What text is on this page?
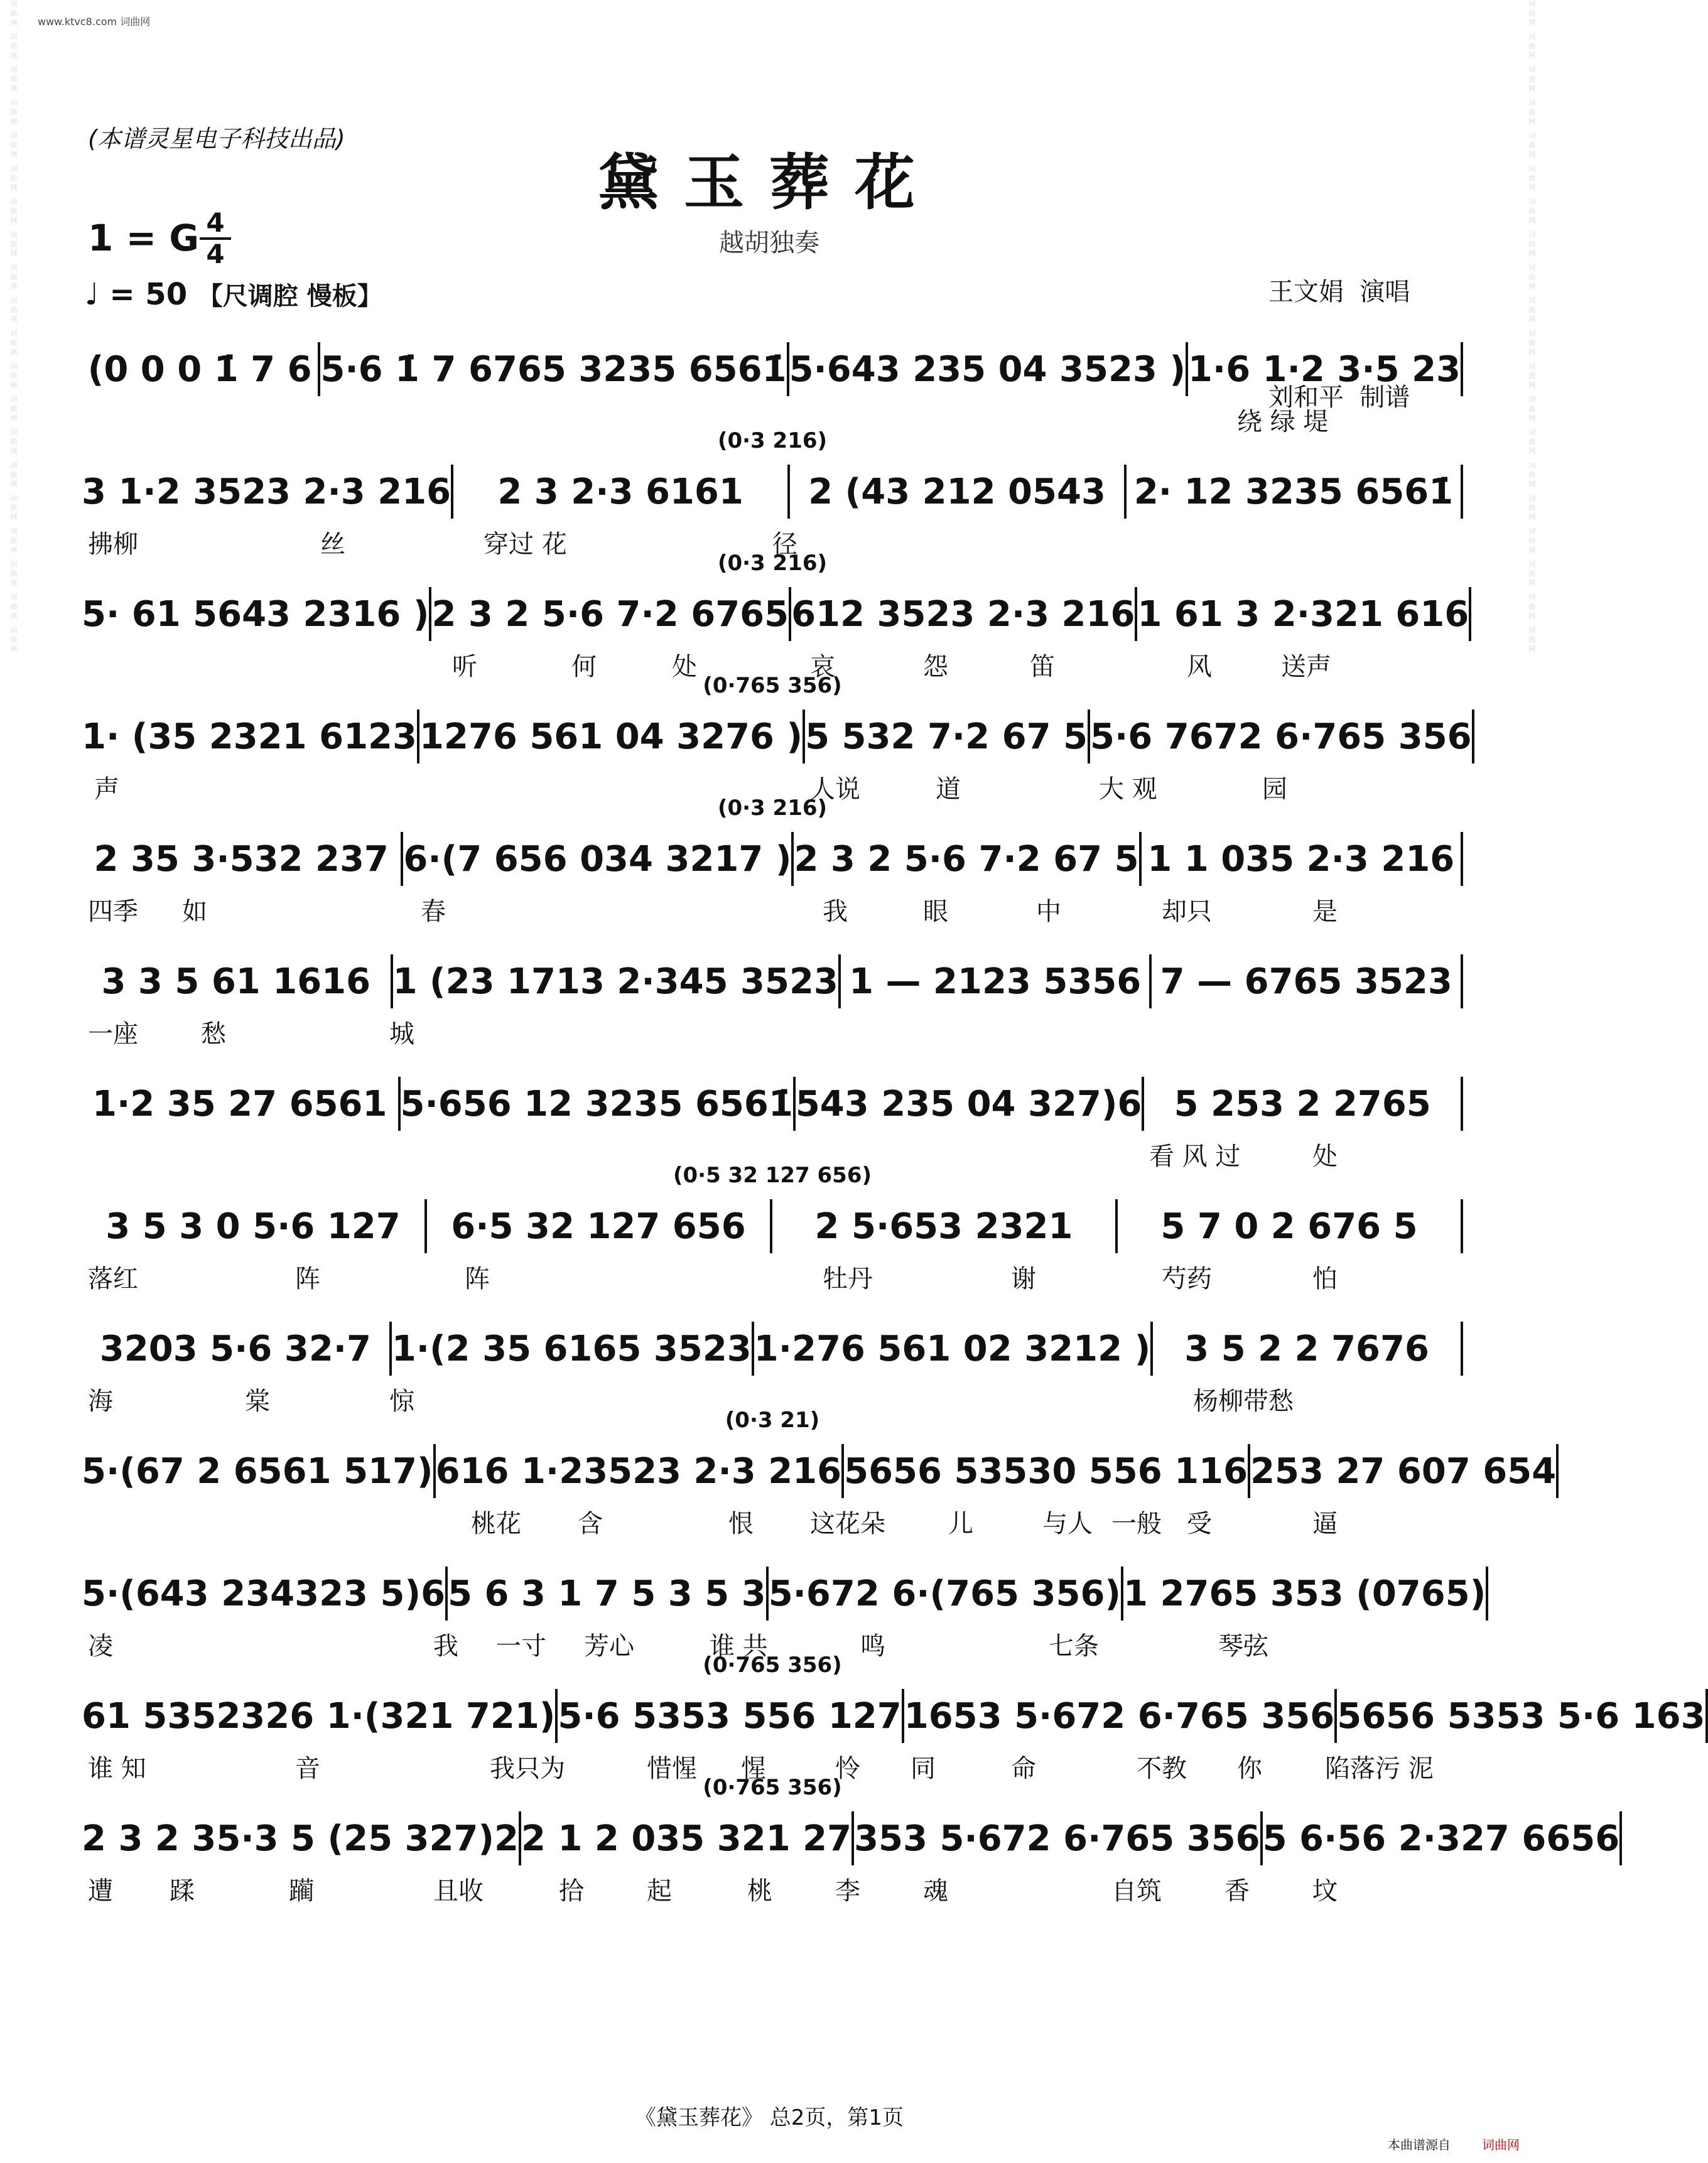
词曲网 词曲网 词曲网 词曲网 词曲网 词曲网 词曲网 词曲网 词曲网 词曲网 词曲网 词曲网 词曲网 词曲网 词曲网 词曲网 词曲网 词曲网 词曲网 词曲网	词曲网 词曲网 词曲网 词曲网 词曲网 词曲网 词曲网 词曲网 词曲网 词曲网 词曲网 词曲网 词曲网 词曲网 词曲网 词曲网 词曲网 词曲网 词曲网 词曲网
www.ktvc8.com 词曲网
(本谱灵星电子科技出品)
黛玉葬花
越胡独奏

王文娟  演唱

刘和平  制谱

1 = G 4
4
♩ = 50 【尺调腔 慢板】
(0 0 0 1̇ 7 6 5·6 1̇ 7 6765 3235 6561̇ 5·643 235 04 3523 ) 1·6 1·2 3·5 23
绕 绿 堤
(0·3 216)
3 1·2 3523 2·3 216	2 3 2·3 6161	2 (43 212 0543 2· 12 3235 6561̇
拂柳	丝	穿过 花	径
(0·3 216)
5· 61 5643 2316 ) 2 3 2 5·6 7·2 6765 612 3523 2·3 216 1 61 3 2·321 616
听	何	处	哀	怨	笛	风	送声
(0·765 356)
1· (35 2321 6123 1276 561 04 3276 ) 5 532 7·2 67 5 5·6 7672 6·765 356
声	人说	道	大 观	园
(0·3 216)
2 35 3·532 237 6·(7 656 034 3217 ) 2 3 2 5·6 7·2 67 5 1 1 035 2·3 216
四季 如	春	我	眼	中	却只	是
3 3 5 61 1616 1 (23 1713 2·345 3523 1 — 2123 5356 7 — 6765 3523
一座	愁	城
1·2 35 27 6561 5·656 12 3235 6561̇ 543 235 04 327)6 5 253 2 2765
看 风 过	处
(0·5 32 127 656)
3 5 3 0 5·6 127	6·5 32 127 656	2 5·653 2321	5 7 0 2 676 5
落红	阵	阵	牡丹	谢	芍药	怕
3203 5·6 32·7 1·(2 35 6165 3523 1·276 561 02 3212 ) 3 5 2 2 7676
海	棠	惊	杨柳带愁
(0·3 21)
5·(67 2 6561 517) 616 1·23523 2·3 216 5656 53530 556 116 253 27 607 654
桃花 含	恨 这花朵	儿	与人 一般 受	逼
5·(643 234323 5)6 5 6 3 1 7 5 3 5 3 5·672 6·(765 356) 1 2765 353 (0765)
凌	我 一寸 芳心	谁 共	鸣	七条	琴弦
(0·765 356)
61 5352326 1·(321 721) 5·6 5353 556 127 1653 5·672 6·765 356 5656 5353 5·6 163
谁 知	音	我只为	惜惺 惺	怜 同	命	不教 你	陷落污 泥
(0·765 356)
2 3 2 35·3 5 (25 327)2 2 1 2 035 321 27 353 5·672 6·765 356 5 6·56 2·327 6656
遭 蹂	躏	且收	拾	起	桃	李	魂	自筑	香	坟
《黛玉葬花》 总2页，第1页
本曲谱源自	词曲网
